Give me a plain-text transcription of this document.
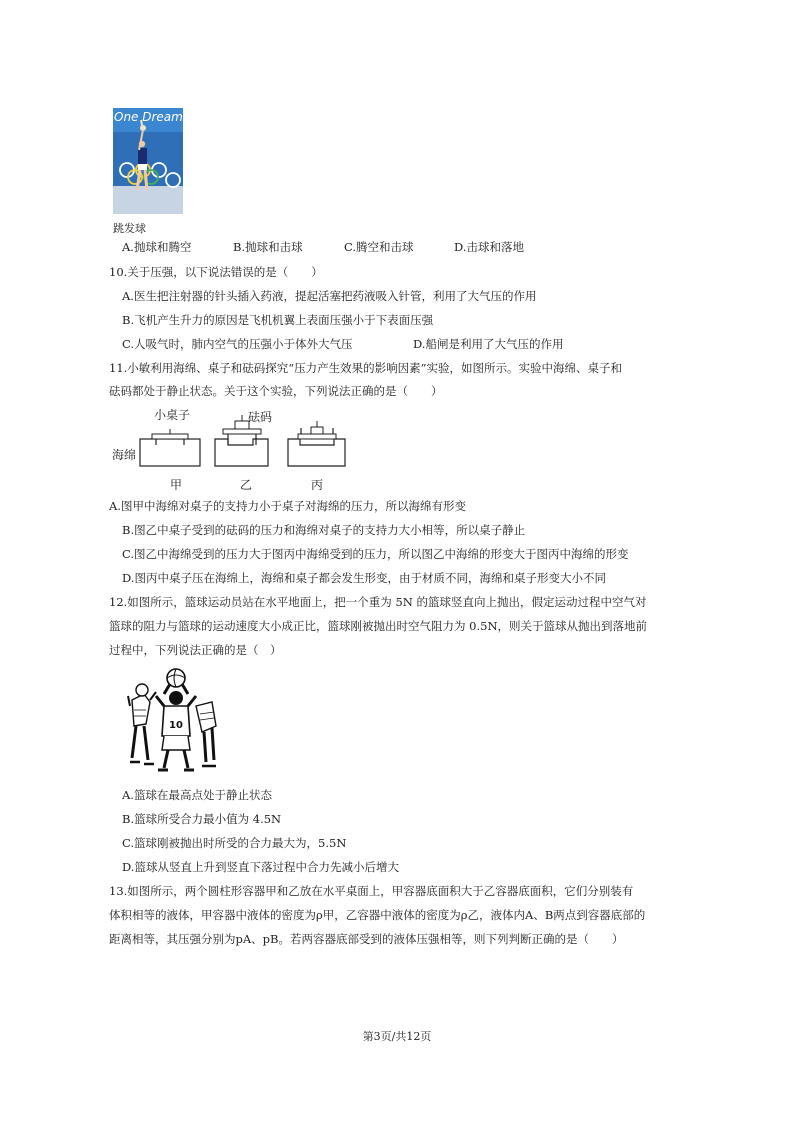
One Dream
跳发球
A.抛球和腾空	B.抛球和击球	C.腾空和击球	D.击球和落地
10.关于压强，以下说法错误的是（　　）
A.医生把注射器的针头插入药液，提起活塞把药液吸入针管，利用了大气压的作用
B.飞机产生升力的原因是飞机机翼上表面压强小于下表面压强
C.人吸气时，肺内空气的压强小于体外大气压	D.船闸是利用了大气压的作用
11.小敏利用海绵、桌子和砝码探究“压力产生效果的影响因素”实验，如图所示。实验中海绵、桌子和
砝码都处于静止状态。关于这个实验，下列说法正确的是（　　）
小桌子	砝码
海绵
甲	乙	丙
A.图甲中海绵对桌子的支持力小于桌子对海绵的压力，所以海绵有形变
B.图乙中桌子受到的砝码的压力和海绵对桌子的支持力大小相等，所以桌子静止
C.图乙中海绵受到的压力大于图丙中海绵受到的压力，所以图乙中海绵的形变大于图丙中海绵的形变
D.图丙中桌子压在海绵上，海绵和桌子都会发生形变，由于材质不同，海绵和桌子形变大小不同
12.如图所示，篮球运动员站在水平地面上，把一个重为 5N 的篮球竖直向上抛出，假定运动过程中空气对
篮球的阻力与篮球的运动速度大小成正比，篮球刚被抛出时空气阻力为 0.5N，则关于篮球从抛出到落地前
过程中，下列说法正确的是（　）
10
A.篮球在最高点处于静止状态
B.篮球所受合力最小值为 4.5N
C.篮球刚被抛出时所受的合力最大为，5.5N
D.篮球从竖直上升到竖直下落过程中合力先减小后增大
13.如图所示，两个圆柱形容器甲和乙放在水平桌面上，甲容器底面积大于乙容器底面积，它们分别装有
体积相等的液体，甲容器中液体的密度为ρ甲，乙容器中液体的密度为ρ乙，液体内A、B两点到容器底部的
距离相等，其压强分别为pA、pB。若两容器底部受到的液体压强相等，则下列判断正确的是（　　）
第3页/共12页
